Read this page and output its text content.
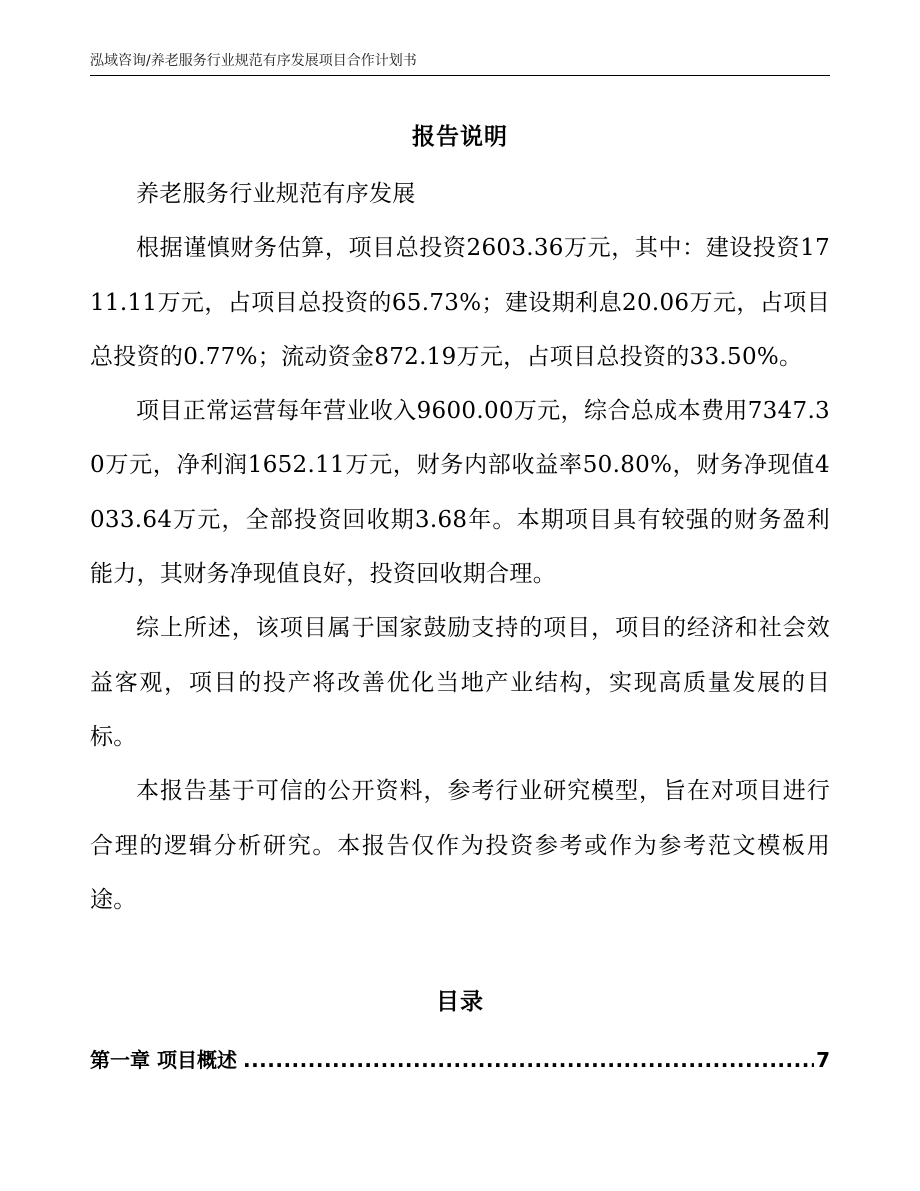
泓域咨询/养老服务行业规范有序发展项目合作计划书
报告说明

养老服务行业规范有序发展

根据谨慎财务估算，项目总投资2603.36万元，其中：建设投资1711.11万元，占项目总投资的65.73%；建设期利息20.06万元，占项目总投资的0.77%；流动资金872.19万元，占项目总投资的33.50%。

项目正常运营每年营业收入9600.00万元，综合总成本费用7347.30万元，净利润1652.11万元，财务内部收益率50.80%，财务净现值4033.64万元，全部投资回收期3.68年。本期项目具有较强的财务盈利能力，其财务净现值良好，投资回收期合理。

综上所述，该项目属于国家鼓励支持的项目，项目的经济和社会效益客观，项目的投产将改善优化当地产业结构，实现高质量发展的目标。

本报告基于可信的公开资料，参考行业研究模型，旨在对项目进行合理的逻辑分析研究。本报告仅作为投资参考或作为参考范文模板用途。

目录
第一章 项目概述
.....	7
